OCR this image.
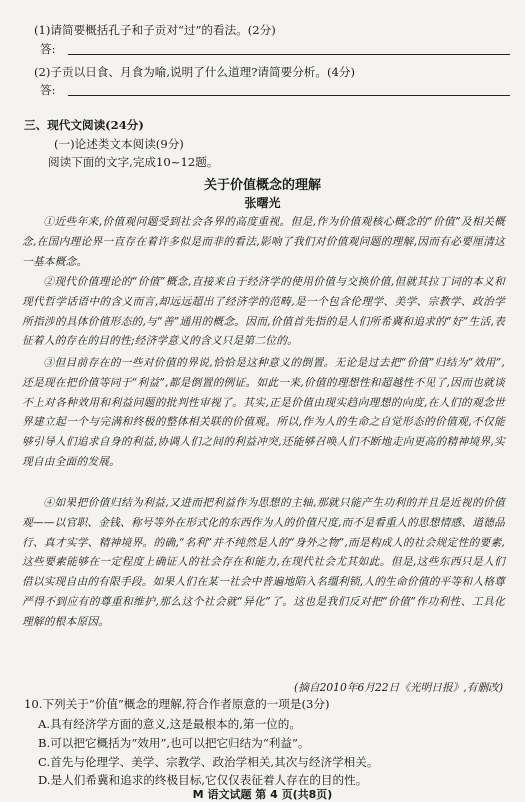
(1)请简要概括孔子和子贡对“过”的看法。(2分)
答:
(2)子贡以日食、月食为喻,说明了什么道理?请简要分析。(4分)
答:
三、现代文阅读(24分)
(一)论述类文本阅读(9分)
阅读下面的文字,完成10~12题。
关于价值概念的理解
张曙光
①近些年来,价值观问题受到社会各界的高度重视。但是,作为价值观核心概念的“价值”及相关概念,在国内理论界一直存在着许多似是而非的看法,影响了我们对价值观问题的理解,因而有必要厘清这一基本概念。
②现代价值理论的“价值”概念,直接来自于经济学的使用价值与交换价值,但就其拉丁词的本义和现代哲学话语中的含义而言,却远远超出了经济学的范畴,是一个包含伦理学、美学、宗教学、政治学所指涉的具体价值形态的,与“善”通用的概念。因而,价值首先指的是人们所希冀和追求的“好”生活,表征着人的存在的目的性;经济学意义的含义只是第二位的。
③但目前存在的一些对价值的界说,恰恰是这种意义的倒置。无论是过去把“价值”归结为“效用”,还是现在把价值等同于“利益”,都是倒置的例证。如此一来,价值的理想性和超越性不见了,因而也就谈不上对各种效用和利益问题的批判性审视了。其实,正是价值由现实趋向理想的向度,在人们的观念世界建立起一个与完满和终极的整体相关联的价值观。所以,作为人的生命之自觉形态的价值观,不仅能够引导人们追求自身的利益,协调人们之间的利益冲突,还能够召唤人们不断地走向更高的精神境界,实现自由全面的发展。
④如果把价值归结为利益,又进而把利益作为思想的主轴,那就只能产生功利的并且是近视的价值观——以官职、金钱、称号等外在形式化的东西作为人的价值尺度,而不是看重人的思想情感、道德品行、真才实学、精神境界。的确,“名利”并不纯然是人的“身外之物”,而是构成人的社会规定性的要素,这些要素能够在一定程度上确证人的社会存在和能力,在现代社会尤其如此。但是,这些东西只是人们借以实现自由的有限手段。如果人们在某一社会中普遍地陷入名缰利锁,人的生命价值的平等和人格尊严得不到应有的尊重和维护,那么这个社会就“异化”了。这也是我们反对把“价值”作功利性、工具化理解的根本原因。
(摘自2010年6月22日《光明日报》,有删改)
10.下列关于“价值”概念的理解,符合作者原意的一项是(3分)
A.具有经济学方面的意义,这是最根本的,第一位的。
B.可以把它概括为“效用”,也可以把它归结为“利益”。
C.首先与伦理学、美学、宗教学、政治学相关,其次与经济学相关。
D.是人们希冀和追求的终极目标,它仅仅表征着人存在的目的性。
M 语文试题 第 4 页(共8页)
